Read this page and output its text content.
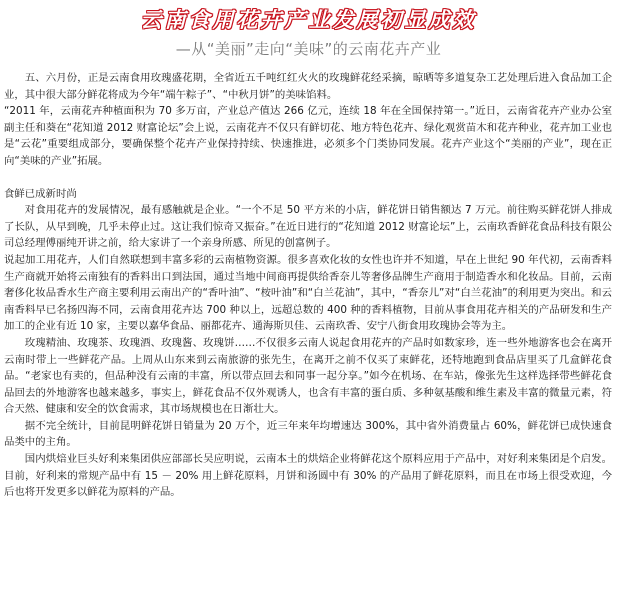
云南食用花卉产业发展初显成效
—从“美丽”走向“美味”的云南花卉产业

五、六月份，正是云南食用玫瑰盛花期，全省近五千吨红红火火的玫瑰鲜花经采摘，晾晒等多道复杂工艺处理后进入食品加工企业，其中很大部分鲜花将成为今年“端午粽子”、“中秋月饼”的美味馅料。

“2011 年，云南花卉种植面积为 70 多万亩，产业总产值达 266 亿元，连续 18 年在全国保持第一。”近日，云南省花卉产业办公室副主任和葵在“花知道 2012 财富论坛”会上说，云南花卉不仅只有鲜切花、地方特色花卉、绿化观赏苗木和花卉种业，花卉加工业也是“云花”重要组成部分，要确保整个花卉产业保持持续、快速推进，必须多个门类协同发展。花卉产业这个“美丽的产业”，现在正向“美味的产业”拓展。

食鲜已成新时尚

对食用花卉的发展情况，最有感触就是企业。“一个不足 50 平方米的小店，鲜花饼日销售额达 7 万元。前往购买鲜花饼人排成了长队，从早到晚，几乎未停止过。这让我们惊奇又振奋。”在近日进行的“花知道 2012 财富论坛”上，云南玖香鲜花食品科技有限公司总经理傅丽纯开讲之前，给大家讲了一个亲身所感、所见的创富例子。

说起加工用花卉，人们自然联想到丰富多彩的云南植物资源。很多喜欢化妆的女性也许并不知道，早在上世纪 90 年代初，云南香料生产商就开始将云南独有的香料出口到法国，通过当地中间商再提供给香奈儿等奢侈品牌生产商用于制造香水和化妆品。目前，云南奢侈化妆品香水生产商主要利用云南出产的“香叶油”、“桉叶油”和“白兰花油”，其中，“香奈儿”对“白兰花油”的利用更为突出。和云南香料早已名扬四海不同，云南食用花卉达 700 种以上，远超总数的 400 种的香料植物，目前从事食用花卉相关的产品研发和生产加工的企业有近 10 家，主要以嘉华食品、丽都花卉、通海斯贝佳、云南玖香、安宁八街食用玫瑰协会等为主。

玫瑰精油、玫瑰茶、玫瑰酒、玫瑰酱、玫瑰饼……不仅很多云南人说起食用花卉的产品时如数家珍，连一些外地游客也会在离开云南时带上一些鲜花产品。上周从山东来到云南旅游的张先生，在离开之前不仅买了束鲜花，还特地跑到食品店里买了几盒鲜花食品。“老家也有卖的，但品种没有云南的丰富，所以带点回去和同事一起分享。”如今在机场、在车站，像张先生这样选择带些鲜花食品回去的外地游客也越来越多，事实上，鲜花食品不仅外观诱人，也含有丰富的蛋白质、多种氨基酸和维生素及丰富的微量元素，符合天然、健康和安全的饮食需求，其市场规模也在日渐壮大。

据不完全统计，目前昆明鲜花饼日销量为 20 万个，近三年来年均增速达 300%，其中省外消费量占 60%，鲜花饼已成快速食品类中的主角。

国内烘焙业巨头好利来集团供应部部长吴应明说，云南本土的烘焙企业将鲜花这个原料应用于产品中，对好利来集团是个启发。目前，好利来的常规产品中有 15 － 20% 用上鲜花原料，月饼和汤圆中有 30% 的产品用了鲜花原料，而且在市场上很受欢迎，今后也将开发更多以鲜花为原料的产品。
